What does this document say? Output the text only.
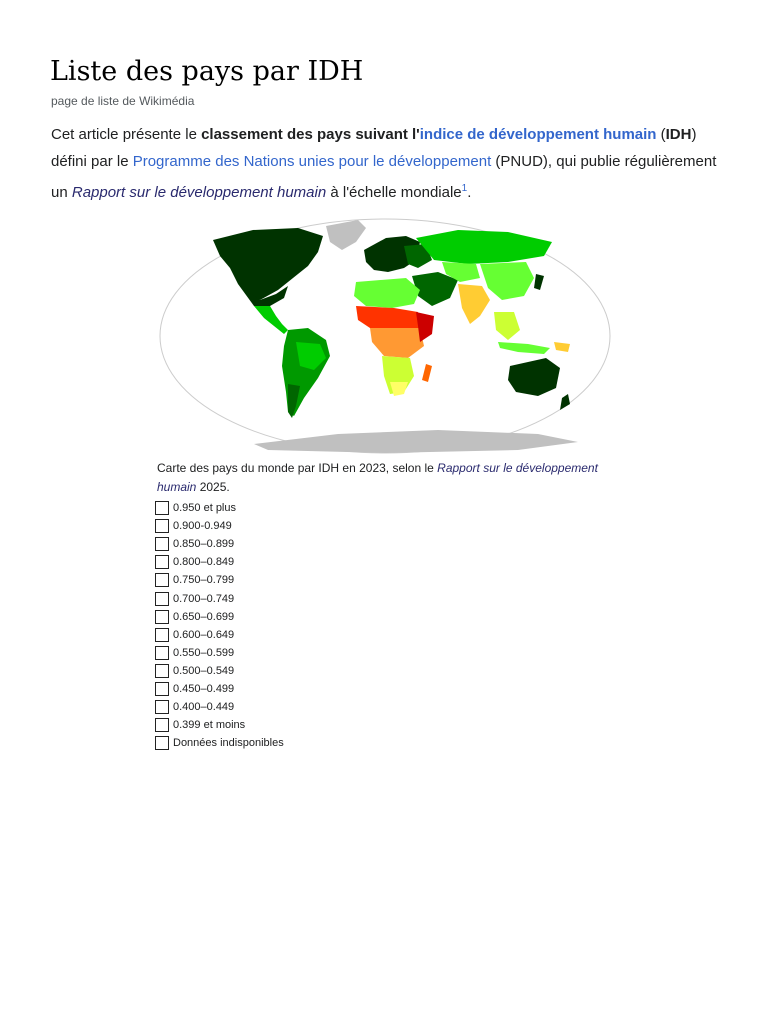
Liste des pays par IDH
page de liste de Wikimédia

Cet article présente le classement des pays suivant l'indice de développement humain (IDH) défini par le Programme des Nations unies pour le développement (PNUD), qui publie régulièrement un Rapport sur le développement humain à l'échelle mondiale$^1$.

Carte des pays du monde par IDH en 2023, selon le Rapport sur le développement humain 2025.
0.950 et plus
0.900-0.949
0.850–0.899
0.800–0.849
0.750–0.799
0.700–0.749
0.650–0.699
0.600–0.649
0.550–0.599
0.500–0.549
0.450–0.499
0.400–0.449
0.399 et moins
Données indisponibles
